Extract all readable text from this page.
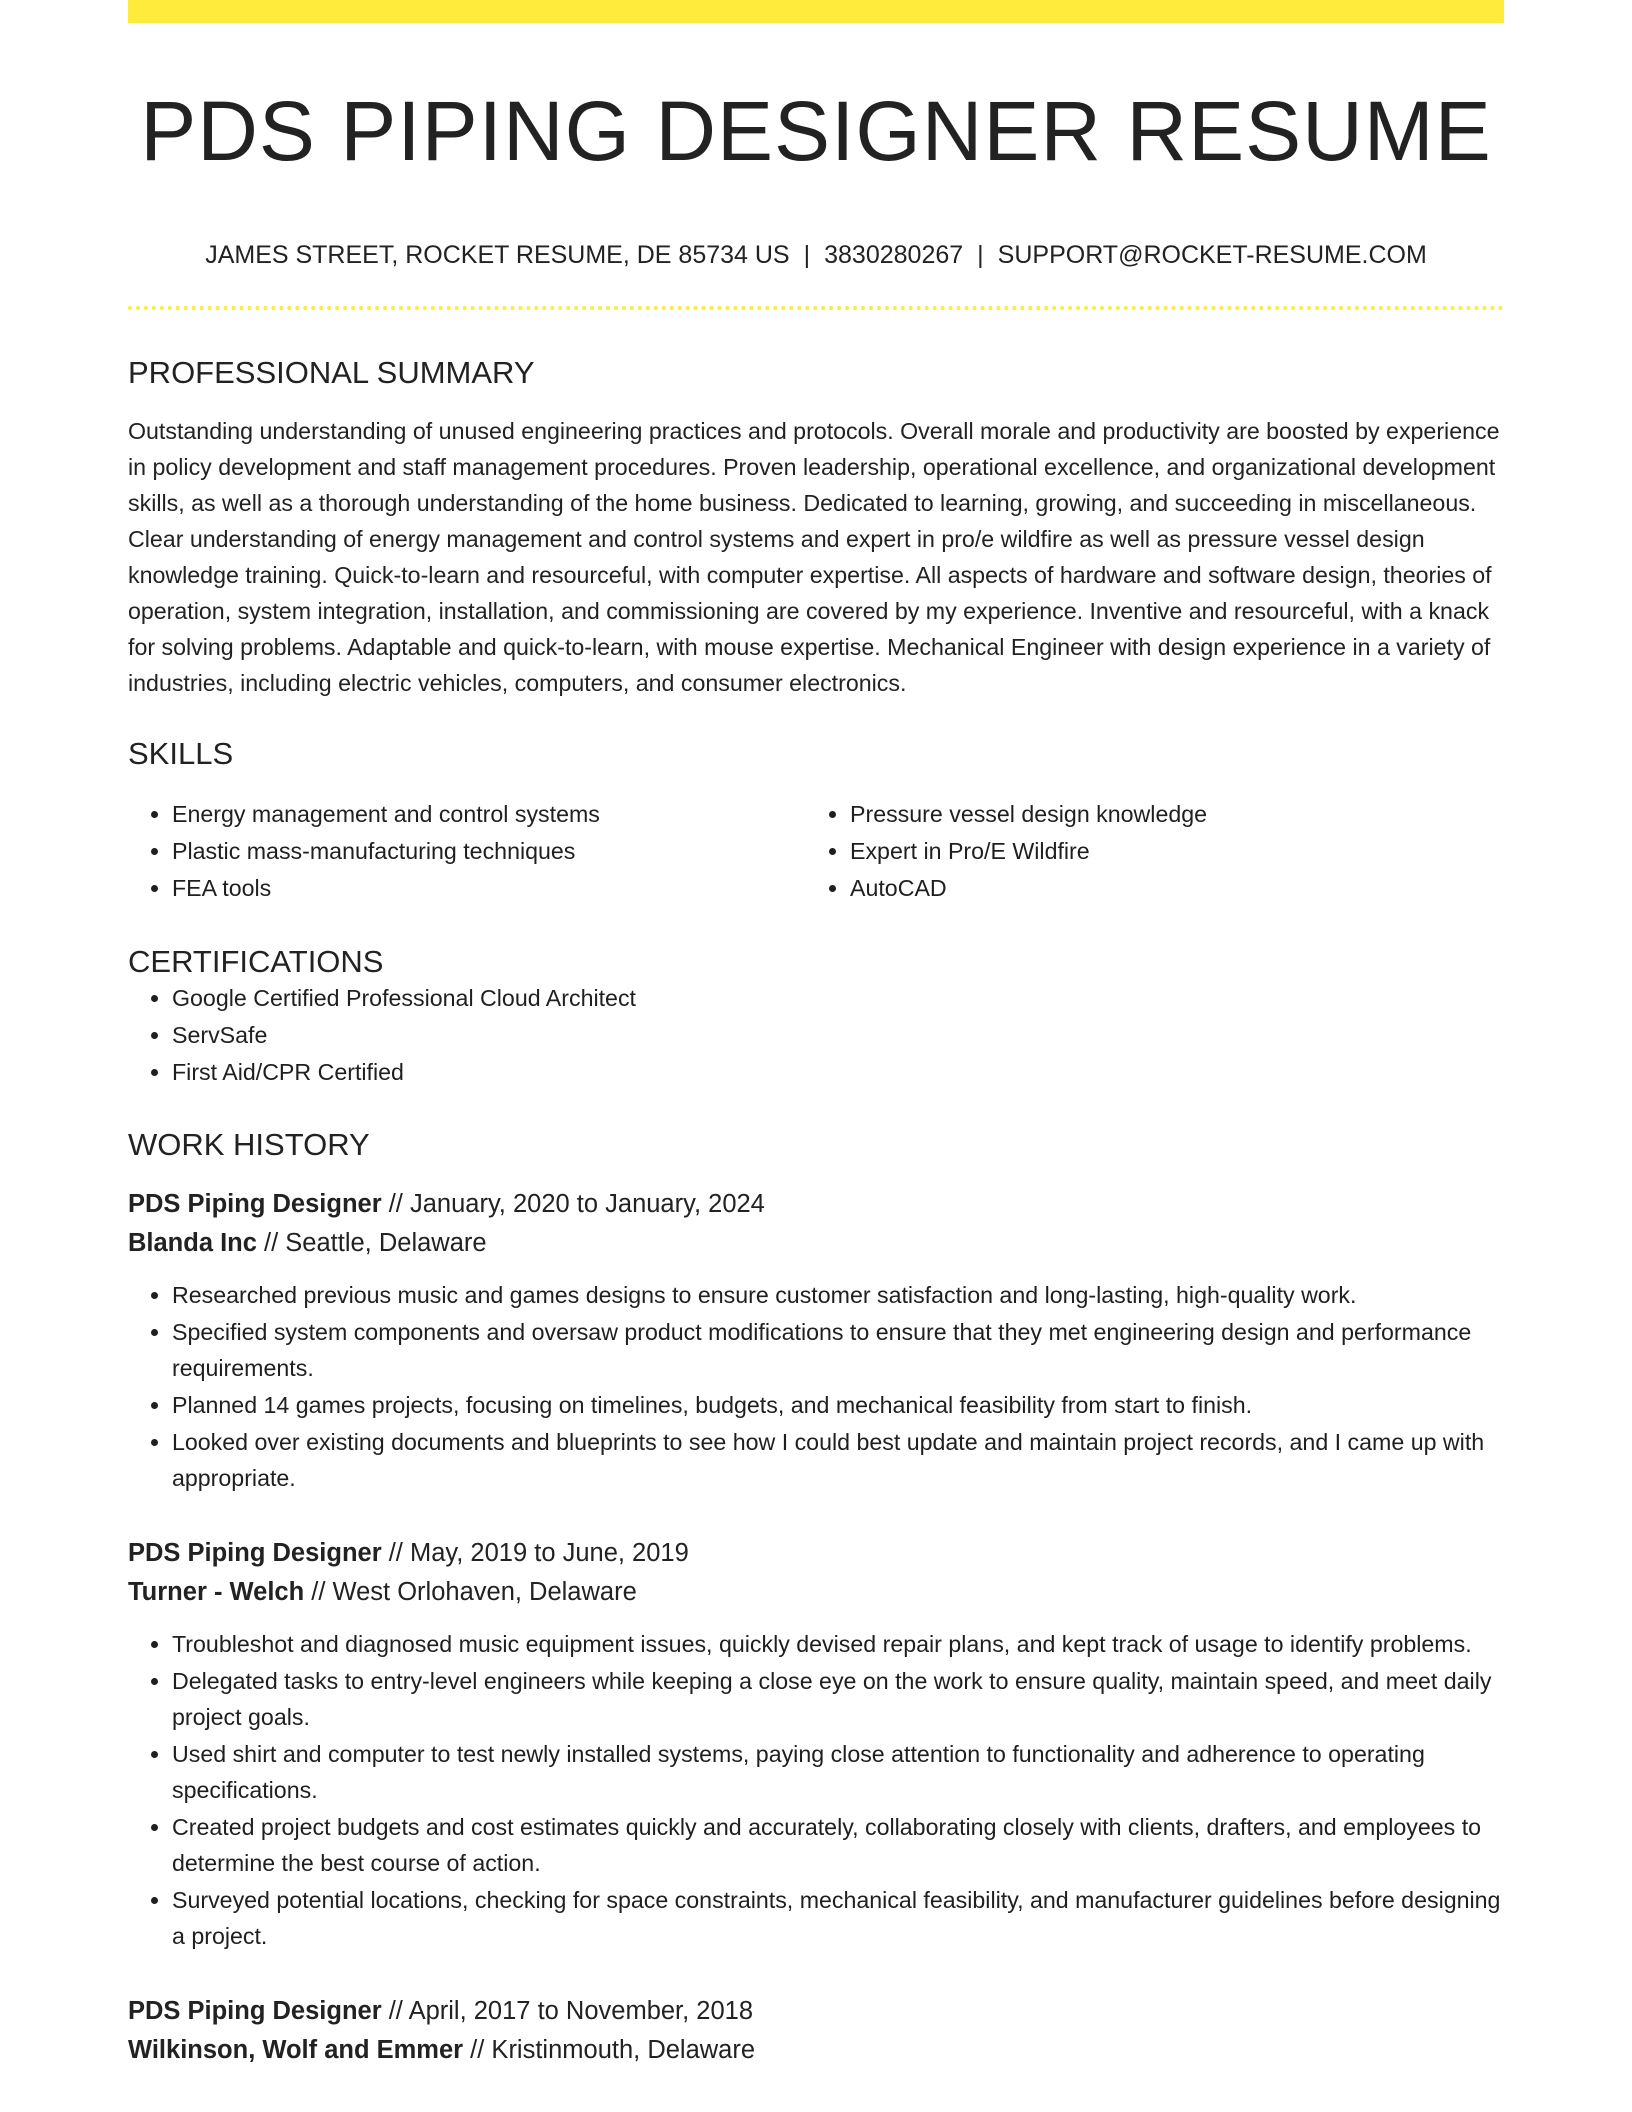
PDS PIPING DESIGNER RESUME
JAMES STREET, ROCKET RESUME, DE 85734 US | 3830280267 | SUPPORT@ROCKET-RESUME.COM
PROFESSIONAL SUMMARY

Outstanding understanding of unused engineering practices and protocols. Overall morale and productivity are boosted by experience in policy development and staff management procedures. Proven leadership, operational excellence, and organizational development skills, as well as a thorough understanding of the home business. Dedicated to learning, growing, and succeeding in miscellaneous. Clear understanding of energy management and control systems and expert in pro/e wildfire as well as pressure vessel design knowledge training. Quick-to-learn and resourceful, with computer expertise. All aspects of hardware and software design, theories of operation, system integration, installation, and commissioning are covered by my experience. Inventive and resourceful, with a knack for solving problems. Adaptable and quick-to-learn, with mouse expertise. Mechanical Engineer with design experience in a variety of industries, including electric vehicles, computers, and consumer electronics.

SKILLS
• Energy management and control systems
• Plastic mass-manufacturing techniques
• FEA tools
• Pressure vessel design knowledge
• Expert in Pro/E Wildfire
• AutoCAD
CERTIFICATIONS
• Google Certified Professional Cloud Architect
• ServSafe
• First Aid/CPR Certified
WORK HISTORY
PDS Piping Designer // January, 2020 to January, 2024
Blanda Inc // Seattle, Delaware
• Researched previous music and games designs to ensure customer satisfaction and long-lasting, high-quality work.
• Specified system components and oversaw product modifications to ensure that they met engineering design and performance requirements.
• Planned 14 games projects, focusing on timelines, budgets, and mechanical feasibility from start to finish.
• Looked over existing documents and blueprints to see how I could best update and maintain project records, and I came up with appropriate.
PDS Piping Designer // May, 2019 to June, 2019
Turner - Welch // West Orlohaven, Delaware
• Troubleshot and diagnosed music equipment issues, quickly devised repair plans, and kept track of usage to identify problems.
• Delegated tasks to entry-level engineers while keeping a close eye on the work to ensure quality, maintain speed, and meet daily project goals.
• Used shirt and computer to test newly installed systems, paying close attention to functionality and adherence to operating specifications.
• Created project budgets and cost estimates quickly and accurately, collaborating closely with clients, drafters, and employees to determine the best course of action.
• Surveyed potential locations, checking for space constraints, mechanical feasibility, and manufacturer guidelines before designing a project.
PDS Piping Designer // April, 2017 to November, 2018
Wilkinson, Wolf and Emmer // Kristinmouth, Delaware
